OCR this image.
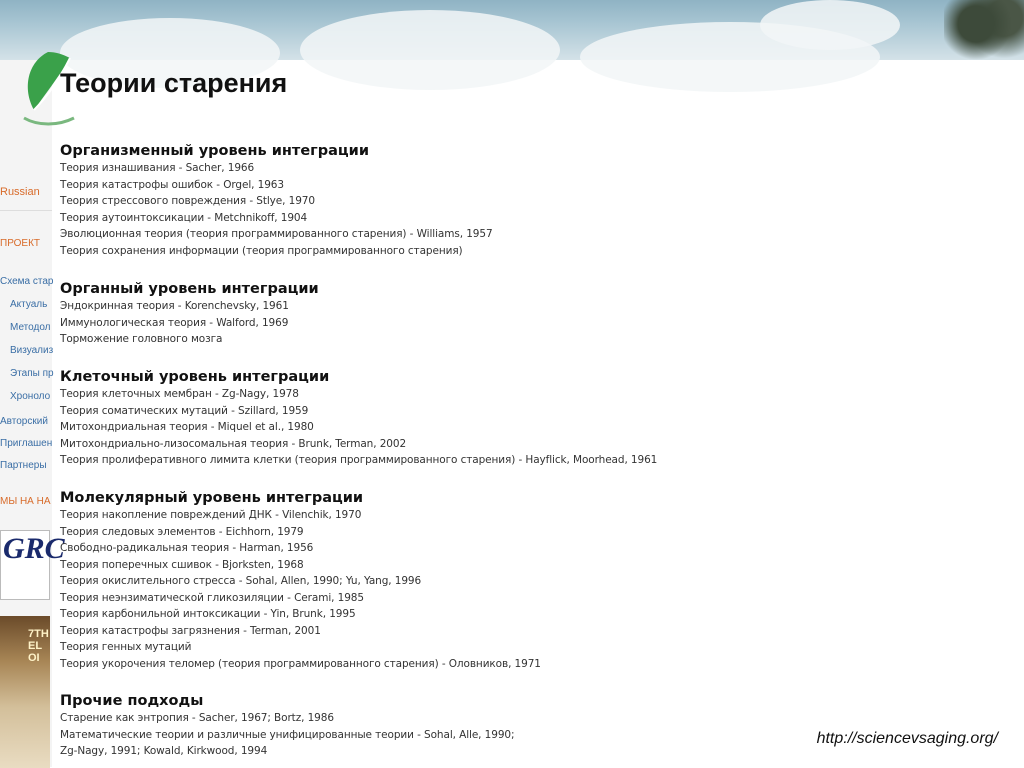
Russian
ПРОЕКТ
Схема стар
Актуаль
Методол
Визуализ
Этапы пр
Хроноло
Авторский
Приглашен
Партнеры
МЫ НА НА
GRC
7TH EL OI
Теории старения
Организменный уровень интеграции
Теория изнашивания - Sacher, 1966
Теория катастрофы ошибок - Orgel, 1963
Теория стрессового повреждения - Stlye, 1970
Теория аутоинтоксикации - Metchnikoff, 1904
Эволюционная теория (теория программированного старения) - Williams, 1957
Теория сохранения информации (теория программированного старения)
Органный уровень интеграции
Эндокринная теория - Korenchevsky, 1961
Иммунологическая теория - Walford, 1969
Торможение головного мозга
Клеточный уровень интеграции
Теория клеточных мембран - Zg-Nagy, 1978
Теория соматических мутаций - Szillard, 1959
Митохондриальная теория - Miquel et al., 1980
Митохондриально-лизосомальная теория - Brunk, Terman, 2002
Теория пролиферативного лимита клетки (теория программированного старения) - Hayflick, Moorhead, 1961
Молекулярный уровень интеграции
Теория накопление повреждений ДНК - Vilenchik, 1970
Теория следовых элементов - Eichhorn, 1979
Свободно-радикальная теория - Harman, 1956
Теория поперечных сшивок - Bjorksten, 1968
Теория окислительного стресса - Sohal, Allen, 1990; Yu, Yang, 1996
Теория неэнзиматической гликозиляции - Cerami, 1985
Теория карбонильной интоксикации - Yin, Brunk, 1995
Теория катастрофы загрязнения - Terman, 2001
Теория генных мутаций
Теория укорочения теломер (теория программированного старения) - Оловников, 1971
Прочие подходы
Старение как энтропия - Sacher, 1967; Bortz, 1986
Математические теории и различные унифицированные теории - Sohal, Alle, 1990;
Zg-Nagy, 1991; Kowald, Kirkwood, 1994
http://sciencevsaging.org/
